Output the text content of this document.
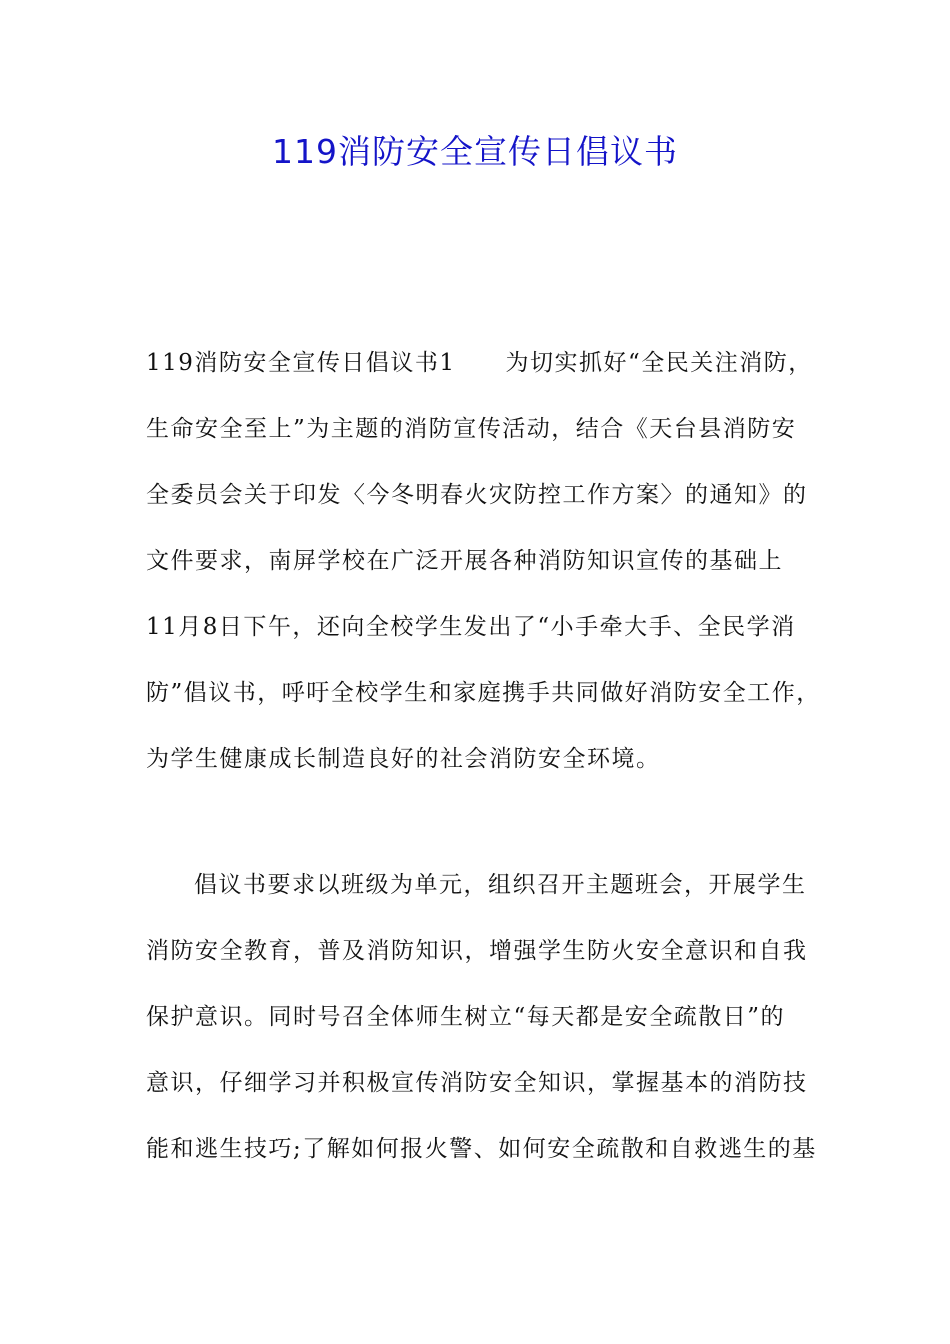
119消防安全宣传日倡议书
119消防安全宣传日倡议书1 为切实抓好“全民关注消防，
生命安全至上”为主题的消防宣传活动，结合《天台县消防安
全委员会关于印发〈今冬明春火灾防控工作方案〉的通知》的
文件要求，南屏学校在广泛开展各种消防知识宣传的基础上
11月8日下午，还向全校学生发出了“小手牵大手、全民学消
防”倡议书，呼吁全校学生和家庭携手共同做好消防安全工作，
为学生健康成长制造良好的社会消防安全环境。
倡议书要求以班级为单元，组织召开主题班会，开展学生
消防安全教育，普及消防知识，增强学生防火安全意识和自我
保护意识。同时号召全体师生树立“每天都是安全疏散日”的
意识，仔细学习并积极宣传消防安全知识，掌握基本的消防技
能和逃生技巧;了解如何报火警、如何安全疏散和自救逃生的基
